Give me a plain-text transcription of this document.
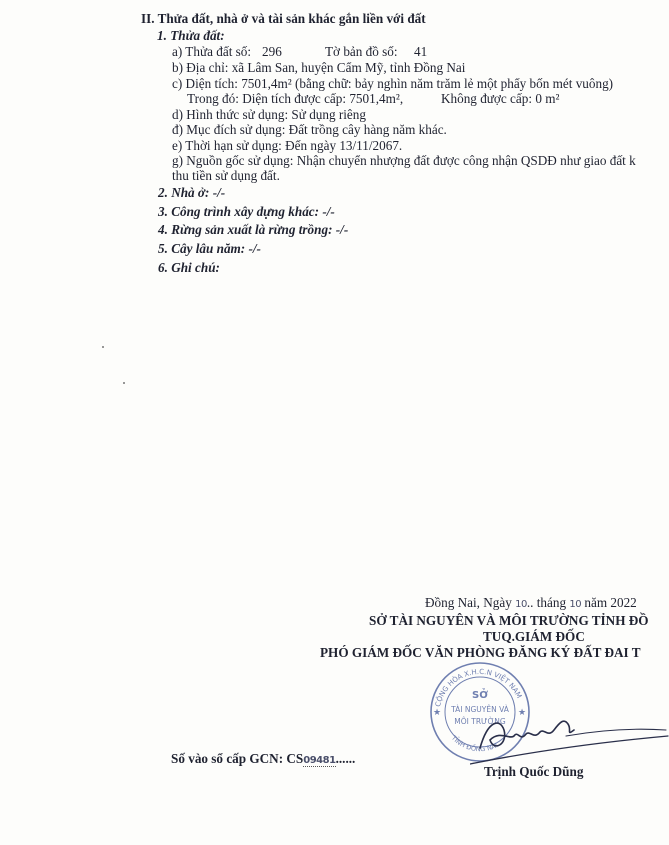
II. Thửa đất, nhà ở và tài sản khác gắn liền với đất
1. Thửa đất:
a) Thửa đất số: 296	Tờ bản đồ số: 41
b) Địa chỉ: xã Lâm San, huyện Cẩm Mỹ, tỉnh Đồng Nai
c) Diện tích: 7501,4m² (bằng chữ: bảy nghìn năm trăm lẻ một phẩy bốn mét vuông)
Trong đó: Diện tích được cấp: 7501,4m²,	Không được cấp: 0 m²
d) Hình thức sử dụng: Sử dụng riêng
đ) Mục đích sử dụng: Đất trồng cây hàng năm khác.
e) Thời hạn sử dụng: Đến ngày 13/11/2067.
g) Nguồn gốc sử dụng: Nhận chuyển nhượng đất được công nhận QSDĐ như giao đất k
thu tiền sử dụng đất.
2. Nhà ở: -/-
3. Công trình xây dựng khác: -/-
4. Rừng sản xuất là rừng trồng: -/-
5. Cây lâu năm: -/-
6. Ghi chú:
Đồng Nai, Ngày 10.. tháng 10 năm 2022
SỞ TÀI NGUYÊN VÀ MÔI TRƯỜNG TỈNH ĐỒ
TUQ.GIÁM ĐỐC
PHÓ GIÁM ĐỐC VĂN PHÒNG ĐĂNG KÝ ĐẤT ĐAI T
CỘNG HÒA X.H.C.N VIỆT NAM
TỈNH ĐỒNG NAI
SỞ
TÀI NGUYÊN VÀ
MÔI TRƯỜNG
★	★
Trịnh Quốc Dũng
Số vào sổ cấp GCN: CS09481......
